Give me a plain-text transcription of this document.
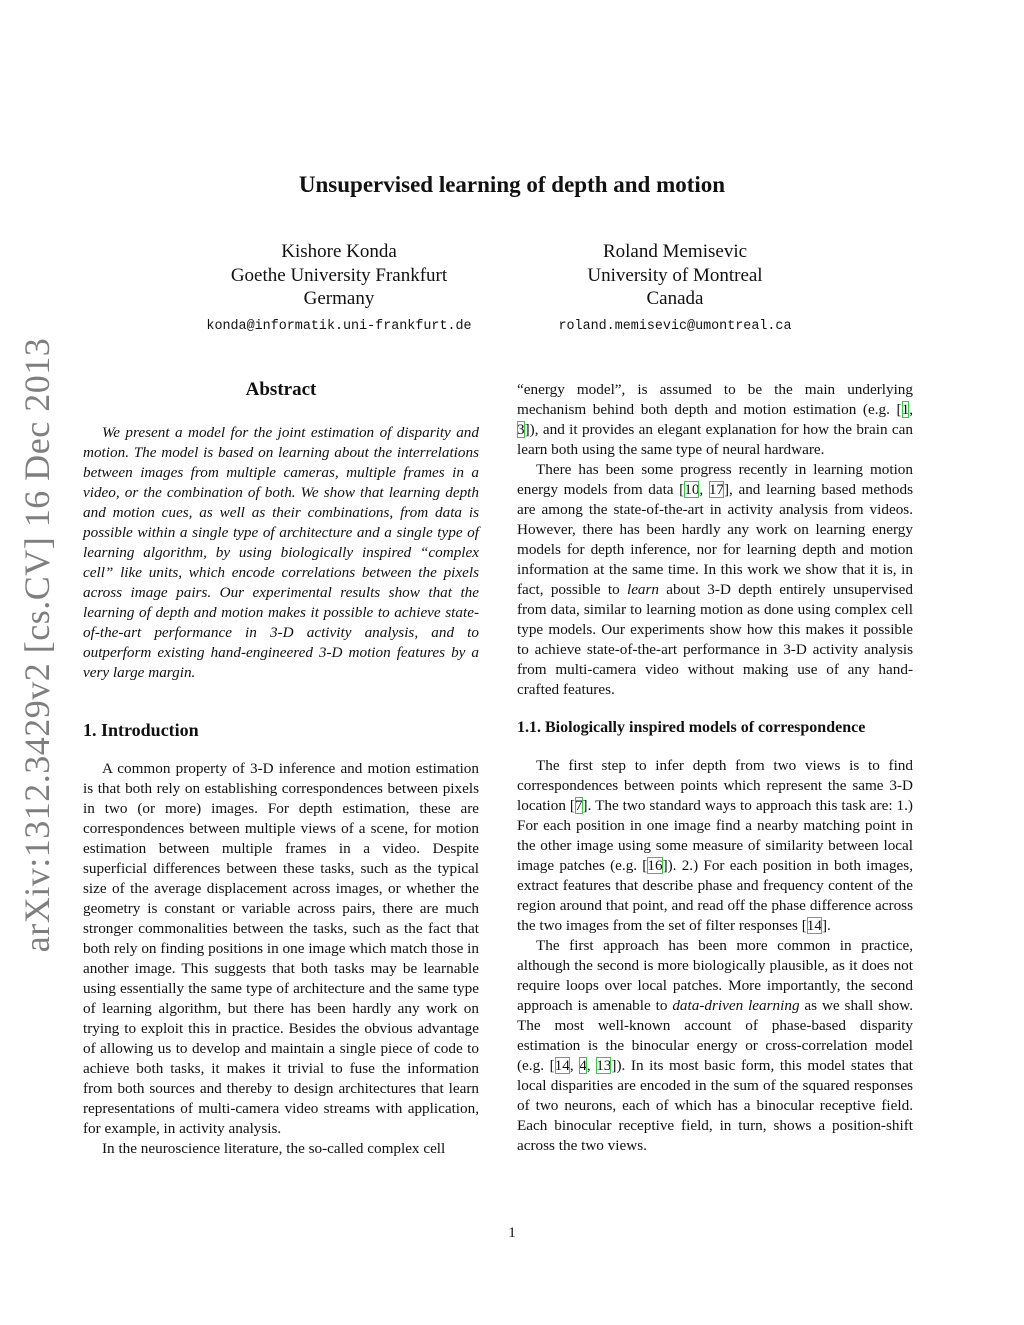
arXiv:1312.3429v2 [cs.CV] 16 Dec 2013
Unsupervised learning of depth and motion
Kishore Konda
Goethe University Frankfurt
Germany
konda@informatik.uni-frankfurt.de
Roland Memisevic
University of Montreal
Canada
roland.memisevic@umontreal.ca
Abstract

We present a model for the joint estimation of disparity and motion. The model is based on learning about the interrelations between images from multiple cameras, multiple frames in a video, or the combination of both. We show that learning depth and motion cues, as well as their combinations, from data is possible within a single type of architecture and a single type of learning algorithm, by using biologically inspired “complex cell” like units, which encode correlations between the pixels across image pairs. Our experimental results show that the learning of depth and motion makes it possible to achieve state-of-the-art performance in 3-D activity analysis, and to outperform existing hand-engineered 3-D motion features by a very large margin.

1. Introduction

A common property of 3-D inference and motion estimation is that both rely on establishing correspondences between pixels in two (or more) images. For depth estimation, these are correspondences between multiple views of a scene, for motion estimation between multiple frames in a video. Despite superficial differences between these tasks, such as the typical size of the average displacement across images, or whether the geometry is constant or variable across pairs, there are much stronger commonalities between the tasks, such as the fact that both rely on finding positions in one image which match those in another image. This suggests that both tasks may be learnable using essentially the same type of architecture and the same type of learning algorithm, but there has been hardly any work on trying to exploit this in practice. Besides the obvious advantage of allowing us to develop and maintain a single piece of code to achieve both tasks, it makes it trivial to fuse the information from both sources and thereby to design architectures that learn representations of multi-camera video streams with application, for example, in activity analysis.

In the neuroscience literature, the so-called complex cell

“energy model”, is assumed to be the main underlying mechanism behind both depth and motion estimation (e.g. [1, 3]), and it provides an elegant explanation for how the brain can learn both using the same type of neural hardware.

There has been some progress recently in learning motion energy models from data [10, 17], and learning based methods are among the state-of-the-art in activity analysis from videos. However, there has been hardly any work on learning energy models for depth inference, nor for learning depth and motion information at the same time. In this work we show that it is, in fact, possible to learn about 3-D depth entirely unsupervised from data, similar to learning motion as done using complex cell type models. Our experiments show how this makes it possible to achieve state-of-the-art performance in 3-D activity analysis from multi-camera video without making use of any hand-crafted features.

1.1. Biologically inspired models of correspondence

The first step to infer depth from two views is to find correspondences between points which represent the same 3-D location [7]. The two standard ways to approach this task are: 1.) For each position in one image find a nearby matching point in the other image using some measure of similarity between local image patches (e.g. [16]). 2.) For each position in both images, extract features that describe phase and frequency content of the region around that point, and read off the phase difference across the two images from the set of filter responses [14].

The first approach has been more common in practice, although the second is more biologically plausible, as it does not require loops over local patches. More importantly, the second approach is amenable to data-driven learning as we shall show. The most well-known account of phase-based disparity estimation is the binocular energy or cross-correlation model (e.g. [14, 4, 13]). In its most basic form, this model states that local disparities are encoded in the sum of the squared responses of two neurons, each of which has a binocular receptive field. Each binocular receptive field, in turn, shows a position-shift across the two views.

1
